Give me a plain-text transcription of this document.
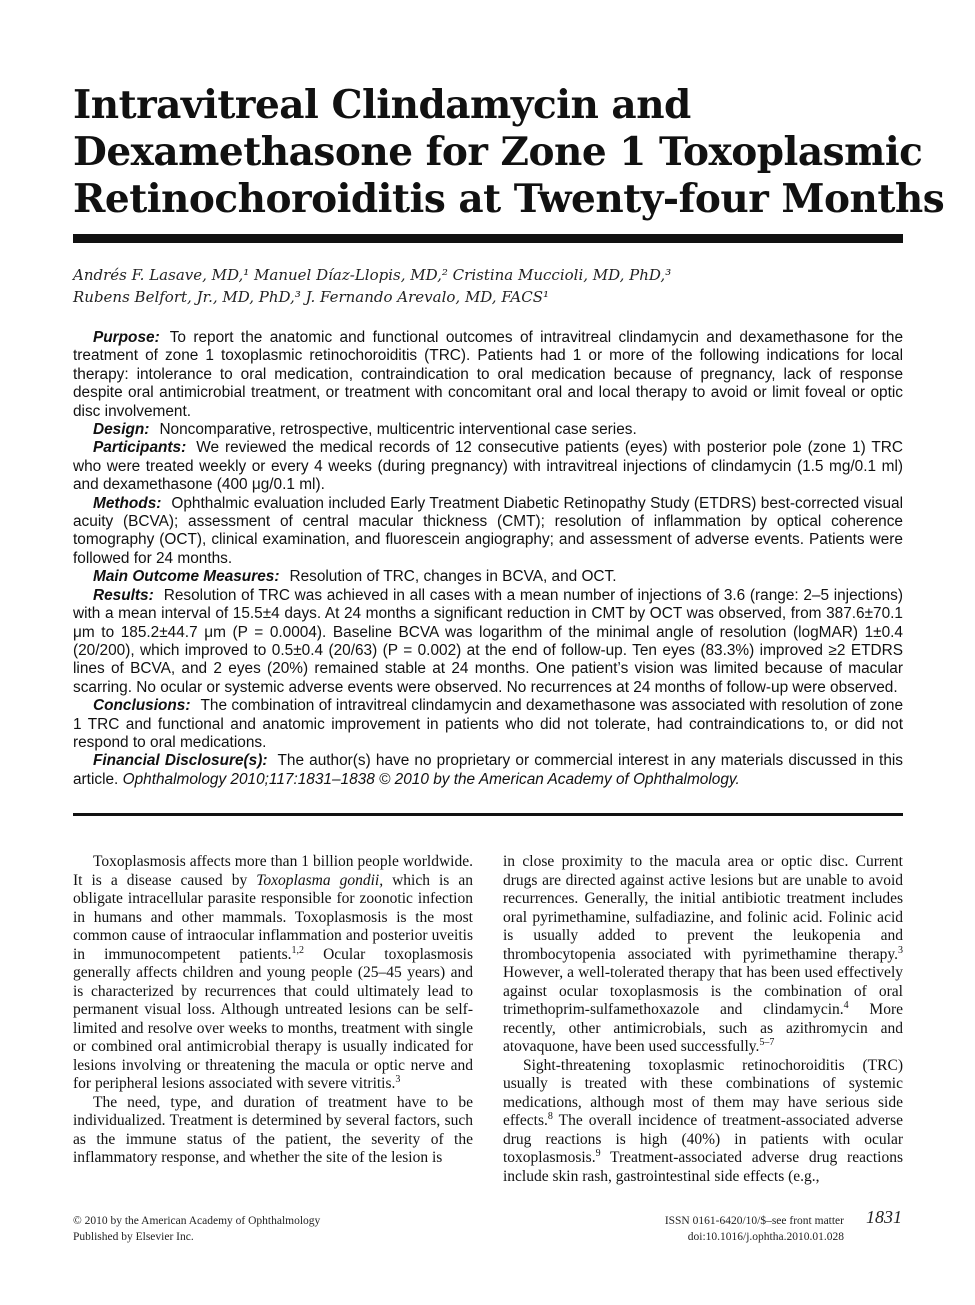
Intravitreal Clindamycin and
Dexamethasone for Zone 1 Toxoplasmic
Retinochoroiditis at Twenty-four Months
Andrés F. Lasave, MD,¹ Manuel Díaz-Llopis, MD,² Cristina Muccioli, MD, PhD,³
Rubens Belfort, Jr., MD, PhD,³ J. Fernando Arevalo, MD, FACS¹

Purpose: To report the anatomic and functional outcomes of intravitreal clindamycin and dexamethasone for the treatment of zone 1 toxoplasmic retinochoroiditis (TRC). Patients had 1 or more of the following indications for local therapy: intolerance to oral medication, contraindication to oral medication because of pregnancy, lack of response despite oral antimicrobial treatment, or treatment with concomitant oral and local therapy to avoid or limit foveal or optic disc involvement.

Design: Noncomparative, retrospective, multicentric interventional case series.

Participants: We reviewed the medical records of 12 consecutive patients (eyes) with posterior pole (zone 1) TRC who were treated weekly or every 4 weeks (during pregnancy) with intravitreal injections of clindamycin (1.5 mg/0.1 ml) and dexamethasone (400 μg/0.1 ml).

Methods: Ophthalmic evaluation included Early Treatment Diabetic Retinopathy Study (ETDRS) best-corrected visual acuity (BCVA); assessment of central macular thickness (CMT); resolution of inflammation by optical coherence tomography (OCT), clinical examination, and fluorescein angiography; and assessment of adverse events. Patients were followed for 24 months.

Main Outcome Measures: Resolution of TRC, changes in BCVA, and OCT.

Results: Resolution of TRC was achieved in all cases with a mean number of injections of 3.6 (range: 2–5 injections) with a mean interval of 15.5±4 days. At 24 months a significant reduction in CMT by OCT was observed, from 387.6±70.1 μm to 185.2±44.7 μm (P = 0.0004). Baseline BCVA was logarithm of the minimal angle of resolution (logMAR) 1±0.4 (20/200), which improved to 0.5±0.4 (20/63) (P = 0.002) at the end of follow-up. Ten eyes (83.3%) improved ≥2 ETDRS lines of BCVA, and 2 eyes (20%) remained stable at 24 months. One patient’s vision was limited because of macular scarring. No ocular or systemic adverse events were observed. No recurrences at 24 months of follow-up were observed.

Conclusions: The combination of intravitreal clindamycin and dexamethasone was associated with resolution of zone 1 TRC and functional and anatomic improvement in patients who did not tolerate, had contraindications to, or did not respond to oral medications.

Financial Disclosure(s): The author(s) have no proprietary or commercial interest in any materials discussed in this article. Ophthalmology 2010;117:1831–1838 © 2010 by the American Academy of Ophthalmology.

Toxoplasmosis affects more than 1 billion people worldwide. It is a disease caused by Toxoplasma gondii, which is an obligate intracellular parasite responsible for zoonotic infection in humans and other mammals. Toxoplasmosis is the most common cause of intraocular inflammation and posterior uveitis in immunocompetent patients.$^{1,2}$ Ocular toxoplasmosis generally affects children and young people (25–45 years) and is characterized by recurrences that could ultimately lead to permanent visual loss. Although untreated lesions can be self-limited and resolve over weeks to months, treatment with single or combined oral antimicrobial therapy is usually indicated for lesions involving or threatening the macula or optic nerve and for peripheral lesions associated with severe vitritis.$^3$

The need, type, and duration of treatment have to be individualized. Treatment is determined by several factors, such as the immune status of the patient, the severity of the inflammatory response, and whether the site of the lesion is

in close proximity to the macula area or optic disc. Current drugs are directed against active lesions but are unable to avoid recurrences. Generally, the initial antibiotic treatment includes oral pyrimethamine, sulfadiazine, and folinic acid. Folinic acid is usually added to prevent the leukopenia and thrombocytopenia associated with pyrimethamine therapy.$^3$ However, a well-tolerated therapy that has been used effectively against ocular toxoplasmosis is the combination of oral trimethoprim-sulfamethoxazole and clindamycin.$^4$ More recently, other antimicrobials, such as azithromycin and atovaquone, have been used successfully.$^{5-7}$

Sight-threatening toxoplasmic retinochoroiditis (TRC) usually is treated with these combinations of systemic medications, although most of them may have serious side effects.$^8$ The overall incidence of treatment-associated adverse drug reactions is high (40%) in patients with ocular toxoplasmosis.$^9$ Treatment-associated adverse drug reactions include skin rash, gastrointestinal side effects (e.g.,

© 2010 by the American Academy of Ophthalmology
Published by Elsevier Inc.
ISSN 0161-6420/10/$–see front matter
doi:10.1016/j.ophtha.2010.01.028
1831
